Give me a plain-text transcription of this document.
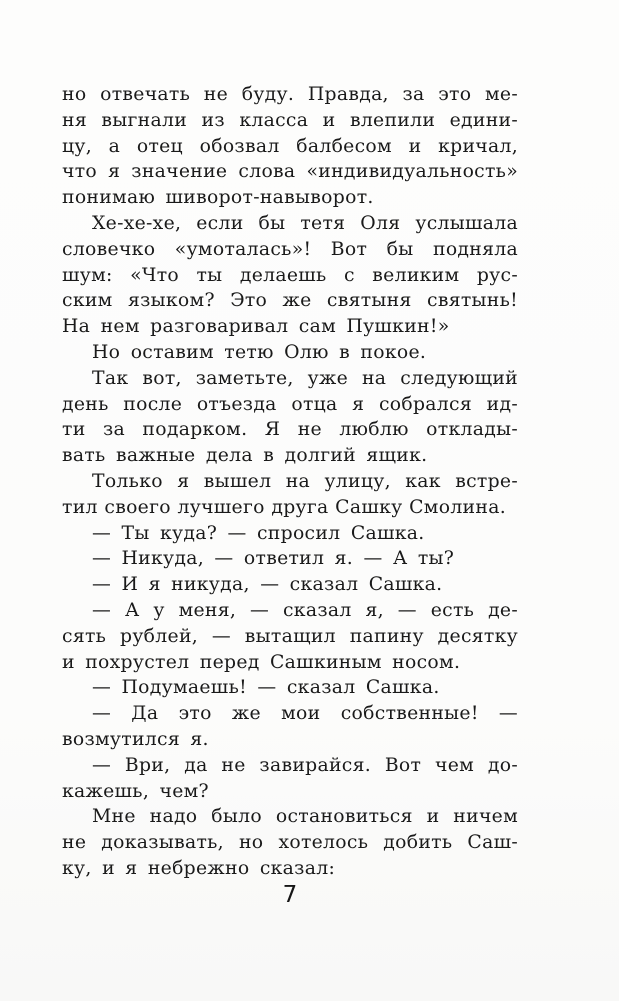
но отвечать не буду. Правда, за это ме-
ня выгнали из класса и влепили едини-
цу, а отец обозвал балбесом и кричал,
что я значение слова «индивидуальность»
понимаю шиворот-навыворот.
Хе-хе-хе, если бы тетя Оля услышала
словечко «умоталась»! Вот бы подняла
шум: «Что ты делаешь с великим рус-
ским языком? Это же святыня святынь!
На нем разговаривал сам Пушкин!»
Но оставим тетю Олю в покое.
Так вот, заметьте, уже на следующий
день после отъезда отца я собрался ид-
ти за подарком. Я не люблю отклады-
вать важные дела в долгий ящик.
Только я вышел на улицу, как встре-
тил своего лучшего друга Сашку Смолина.
— Ты куда? — спросил Сашка.
— Никуда, — ответил я. — А ты?
— И я никуда, — сказал Сашка.
— А у меня, — сказал я, — есть де-
сять рублей, — вытащил папину десятку
и похрустел перед Сашкиным носом.
— Подумаешь! — сказал Сашка.
— Да это же мои собственные! —
возмутился я.
— Ври, да не завирайся. Вот чем до-
кажешь, чем?
Мне надо было остановиться и ничем
не доказывать, но хотелось добить Саш-
ку, и я небрежно сказал:
7
